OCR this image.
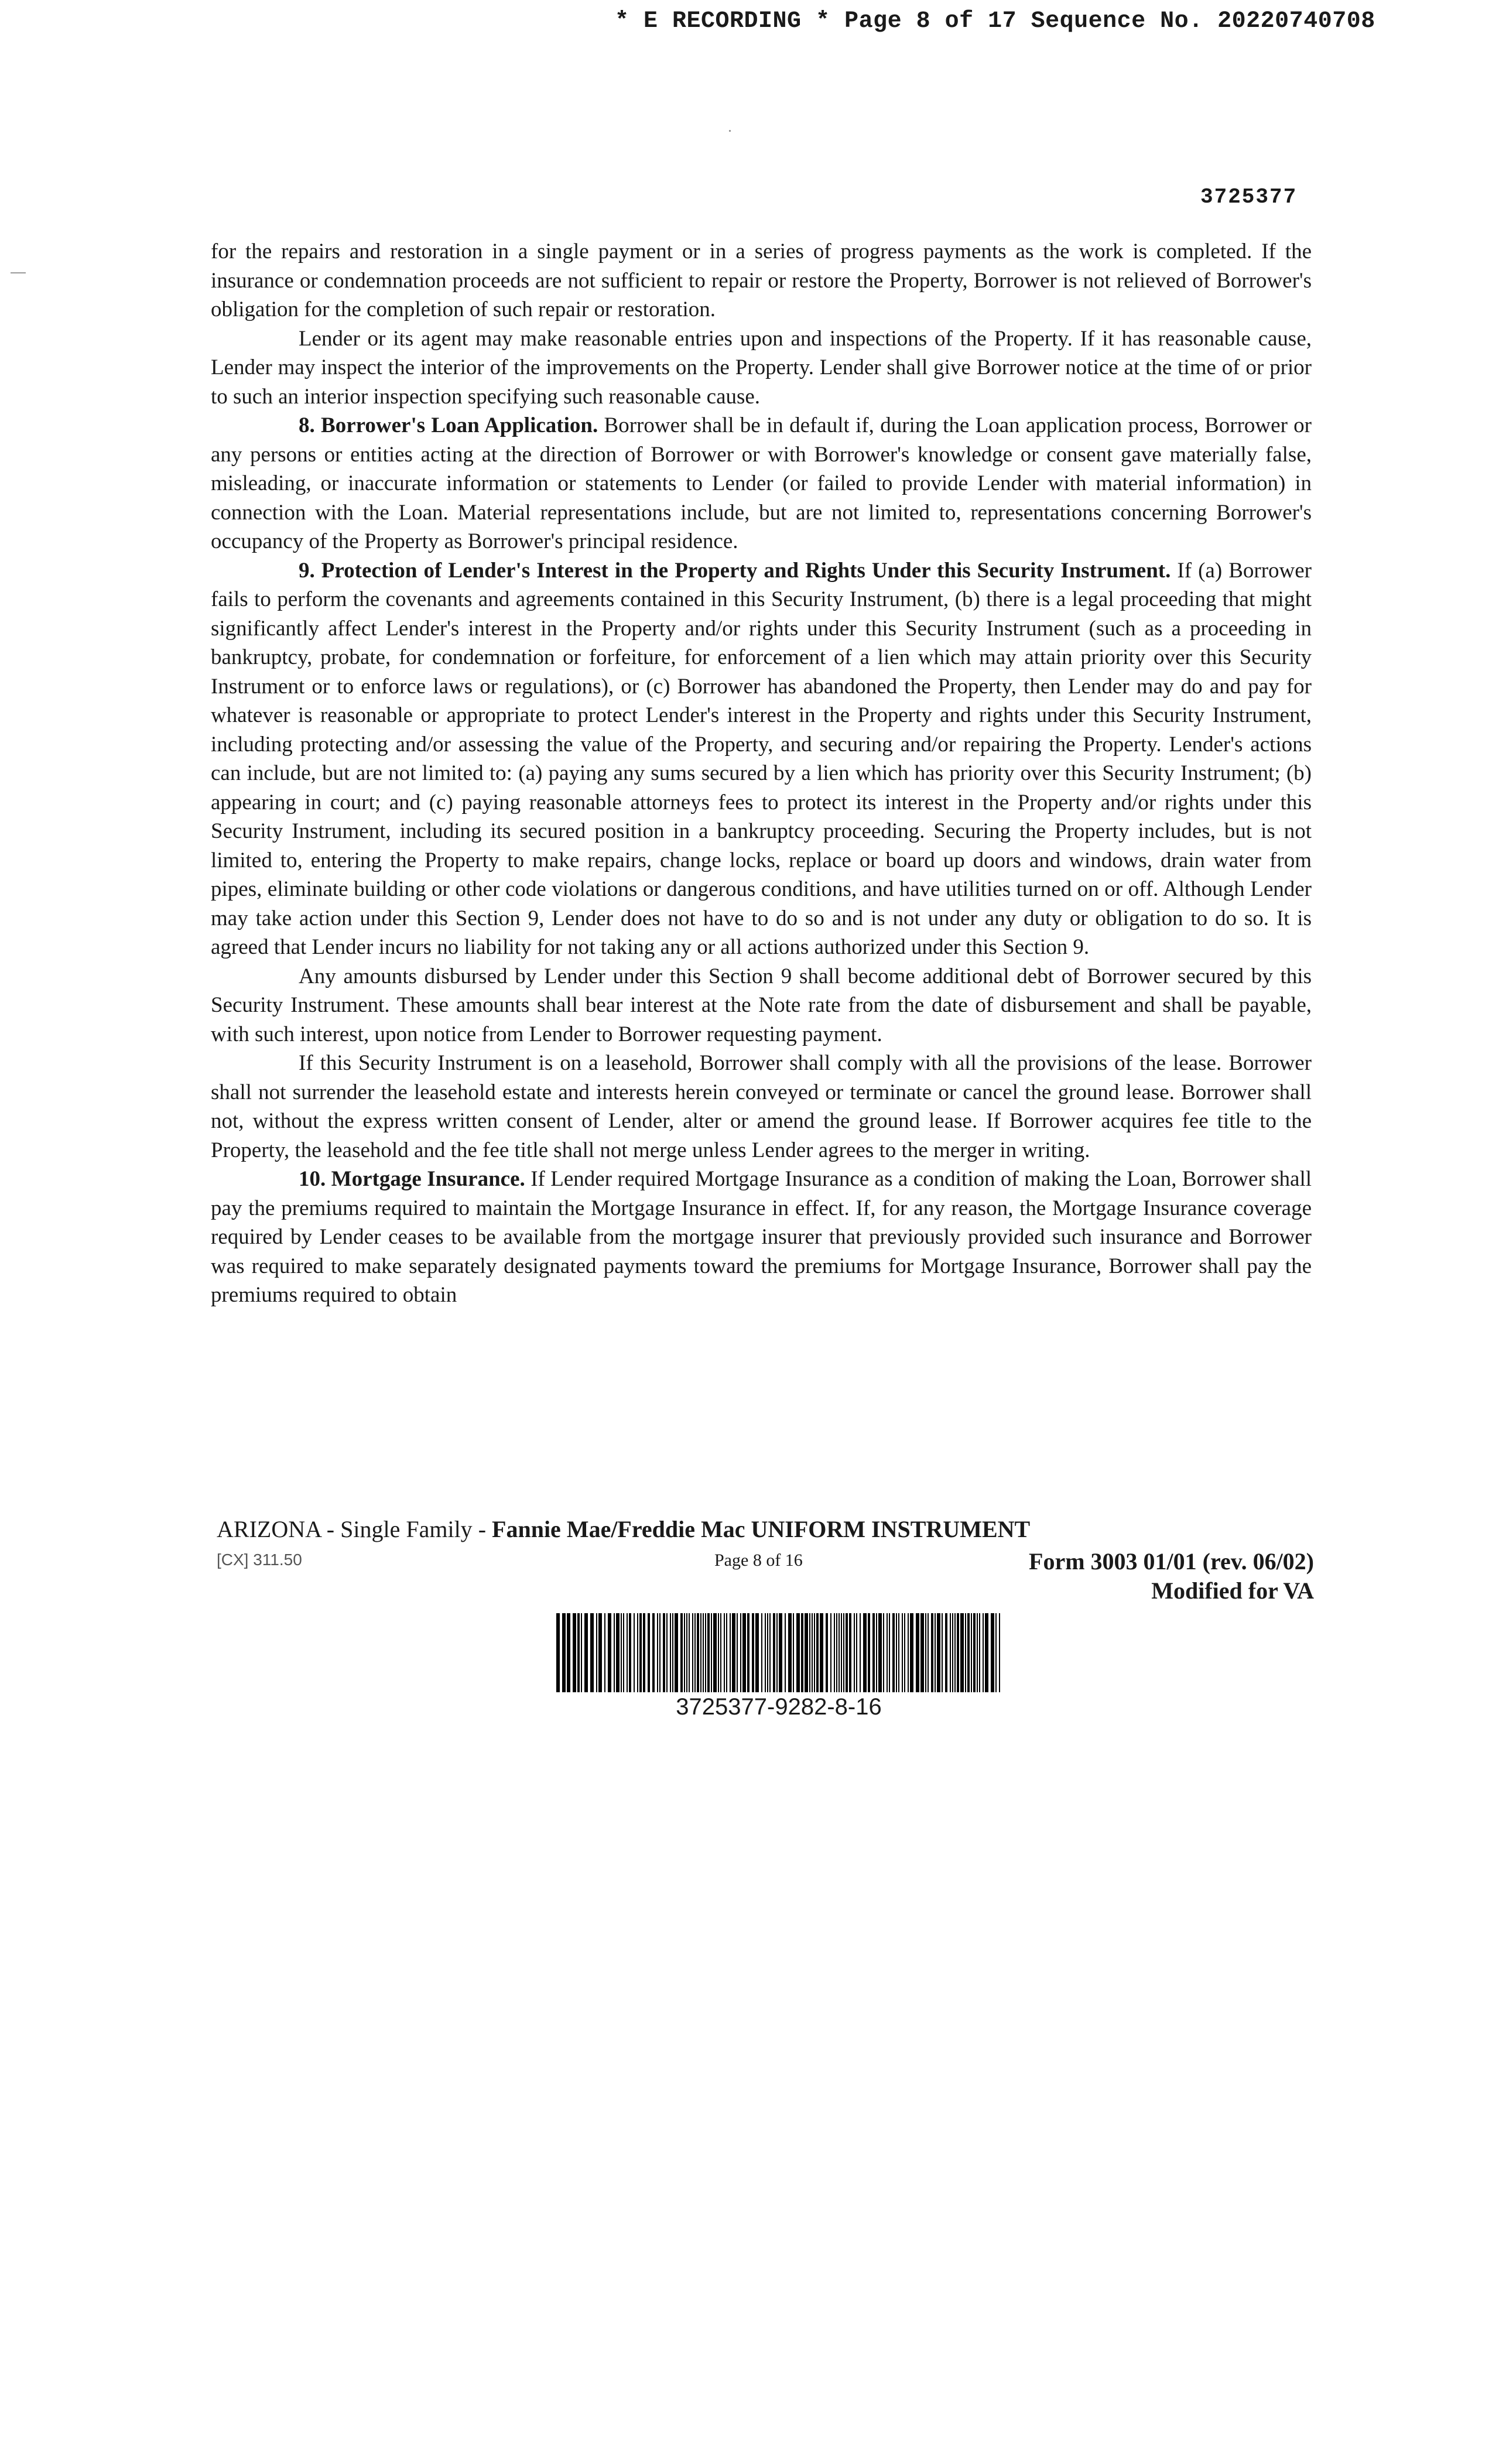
* E RECORDING * Page 8 of 17 Sequence No. 20220740708
3725377

for the repairs and restoration in a single payment or in a series of progress payments as the work is completed. If the insurance or condemnation proceeds are not sufficient to repair or restore the Property, Borrower is not relieved of Borrower's obligation for the completion of such repair or restoration.

Lender or its agent may make reasonable entries upon and inspections of the Property. If it has reasonable cause, Lender may inspect the interior of the improvements on the Property. Lender shall give Borrower notice at the time of or prior to such an interior inspection specifying such reasonable cause.

8. Borrower's Loan Application. Borrower shall be in default if, during the Loan application process, Borrower or any persons or entities acting at the direction of Borrower or with Borrower's knowledge or consent gave materially false, misleading, or inaccurate information or statements to Lender (or failed to provide Lender with material information) in connection with the Loan. Material representations include, but are not limited to, representations concerning Borrower's occupancy of the Property as Borrower's principal residence.

9. Protection of Lender's Interest in the Property and Rights Under this Security Instrument. If (a) Borrower fails to perform the covenants and agreements contained in this Security Instrument, (b) there is a legal proceeding that might significantly affect Lender's interest in the Property and/or rights under this Security Instrument (such as a proceeding in bankruptcy, probate, for condemnation or forfeiture, for enforcement of a lien which may attain priority over this Security Instrument or to enforce laws or regulations), or (c) Borrower has abandoned the Property, then Lender may do and pay for whatever is reasonable or appropriate to protect Lender's interest in the Property and rights under this Security Instrument, including protecting and/or assessing the value of the Property, and securing and/or repairing the Property. Lender's actions can include, but are not limited to: (a) paying any sums secured by a lien which has priority over this Security Instrument; (b) appearing in court; and (c) paying reasonable attorneys fees to protect its interest in the Property and/or rights under this Security Instrument, including its secured position in a bankruptcy proceeding. Securing the Property includes, but is not limited to, entering the Property to make repairs, change locks, replace or board up doors and windows, drain water from pipes, eliminate building or other code violations or dangerous conditions, and have utilities turned on or off. Although Lender may take action under this Section 9, Lender does not have to do so and is not under any duty or obligation to do so. It is agreed that Lender incurs no liability for not taking any or all actions authorized under this Section 9.

Any amounts disbursed by Lender under this Section 9 shall become additional debt of Borrower secured by this Security Instrument. These amounts shall bear interest at the Note rate from the date of disbursement and shall be payable, with such interest, upon notice from Lender to Borrower requesting payment.

If this Security Instrument is on a leasehold, Borrower shall comply with all the provisions of the lease. Borrower shall not surrender the leasehold estate and interests herein conveyed or terminate or cancel the ground lease. Borrower shall not, without the express written consent of Lender, alter or amend the ground lease. If Borrower acquires fee title to the Property, the leasehold and the fee title shall not merge unless Lender agrees to the merger in writing.

10. Mortgage Insurance. If Lender required Mortgage Insurance as a condition of making the Loan, Borrower shall pay the premiums required to maintain the Mortgage Insurance in effect. If, for any reason, the Mortgage Insurance coverage required by Lender ceases to be available from the mortgage insurer that previously provided such insurance and Borrower was required to make separately designated payments toward the premiums for Mortgage Insurance, Borrower shall pay the premiums required to obtain

ARIZONA - Single Family - Fannie Mae/Freddie Mac UNIFORM INSTRUMENT
[CX] 311.50	Page 8 of 16	Form 3003 01/01 (rev. 06/02)
Modified for VA
3725377-9282-8-16
